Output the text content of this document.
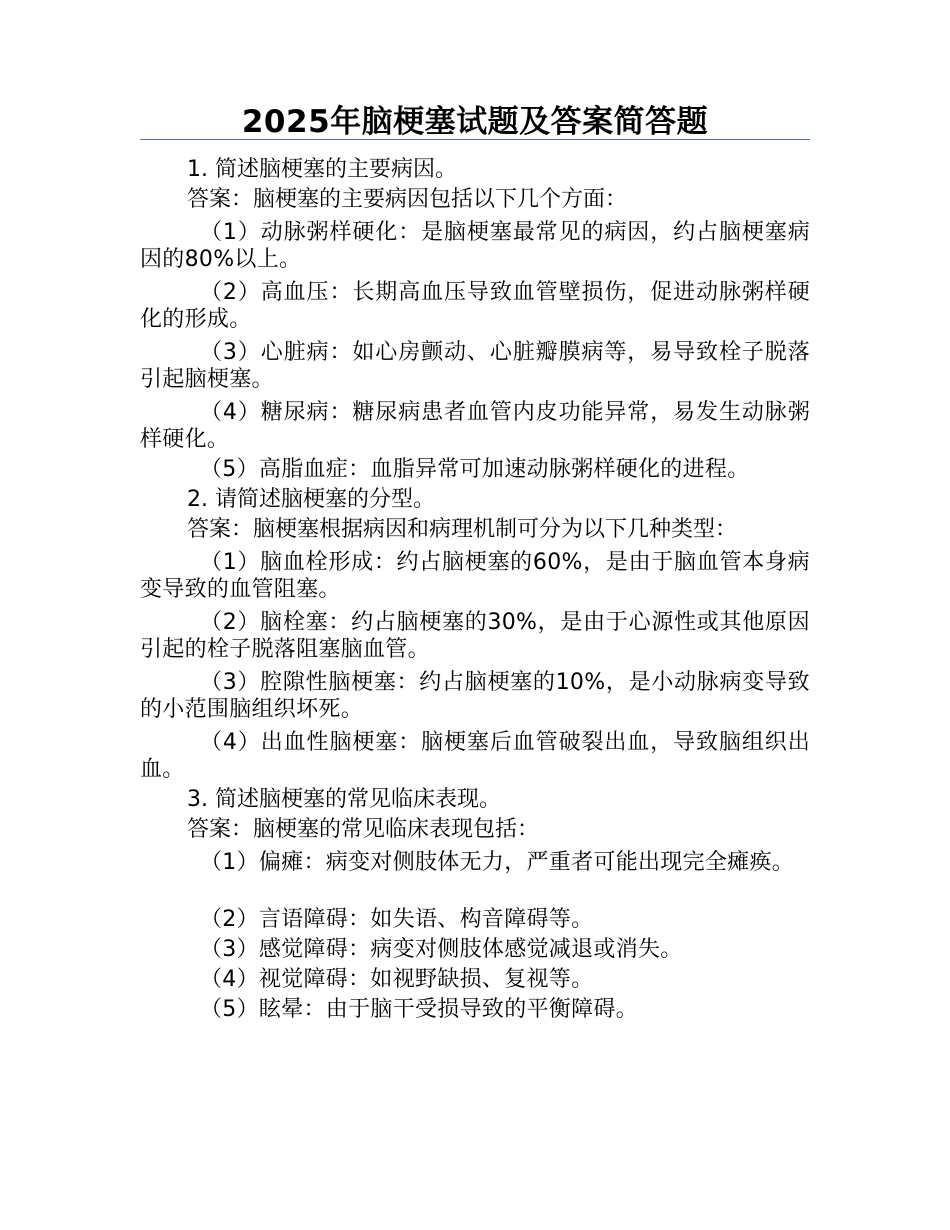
2025年脑梗塞试题及答案简答题

1. 简述脑梗塞的主要病因。

答案：脑梗塞的主要病因包括以下几个方面：

（1）动脉粥样硬化：是脑梗塞最常见的病因，约占脑梗塞病因的80%以上。

（2）高血压：长期高血压导致血管壁损伤，促进动脉粥样硬化的形成。

（3）心脏病：如心房颤动、心脏瓣膜病等，易导致栓子脱落引起脑梗塞。

（4）糖尿病：糖尿病患者血管内皮功能异常，易发生动脉粥样硬化。

（5）高脂血症：血脂异常可加速动脉粥样硬化的进程。

2. 请简述脑梗塞的分型。

答案：脑梗塞根据病因和病理机制可分为以下几种类型：

（1）脑血栓形成：约占脑梗塞的60%，是由于脑血管本身病变导致的血管阻塞。

（2）脑栓塞：约占脑梗塞的30%，是由于心源性或其他原因引起的栓子脱落阻塞脑血管。

（3）腔隙性脑梗塞：约占脑梗塞的10%，是小动脉病变导致的小范围脑组织坏死。

（4）出血性脑梗塞：脑梗塞后血管破裂出血，导致脑组织出血。

3. 简述脑梗塞的常见临床表现。

答案：脑梗塞的常见临床表现包括：

（1）偏瘫：病变对侧肢体无力，严重者可能出现完全瘫痪。

（2）言语障碍：如失语、构音障碍等。

（3）感觉障碍：病变对侧肢体感觉减退或消失。

（4）视觉障碍：如视野缺损、复视等。

（5）眩晕：由于脑干受损导致的平衡障碍。
